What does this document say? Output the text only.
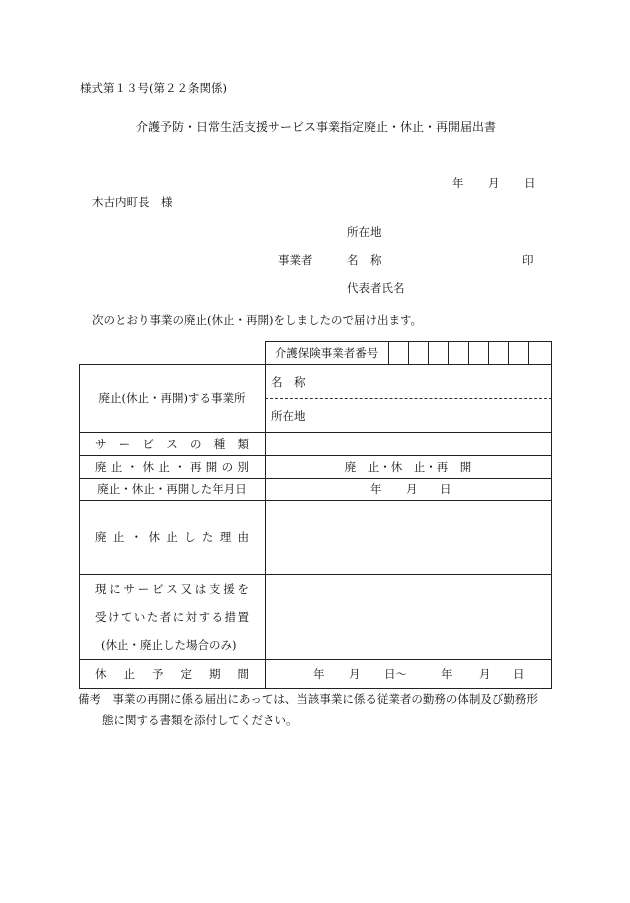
様式第１３号(第２２条関係)
介護予防・日常生活支援サービス事業指定廃止・休止・再開届出書
年 月 日
木古内町長　様
所在地
事業者	名　称	印
代表者氏名
次のとおり事業の廃止(休止・再開)をしましたので届け出ます。
介護保険事業者番号
廃止(休止・再開)する事業所
名　称
所在地
サ ー ビ ス の 種 類
廃 止 ・ 休 止 ・ 再 開 の 別	廃　止・休　止・再　開
廃止・休止・再開した年月日	年 月 日
廃 止 ・ 休 止 し た 理 由
現 に サ ー ビ ス 又 は 支 援 を
受 け て い た 者 に 対 す る 措 置
(休止・廃止した場合のみ)
休 止 予 定 期 間	年 月 日～	年 月 日
備考　事業の再開に係る届出にあっては、当該事業に係る従業者の勤務の体制及び勤務形
態に関する書類を添付してください。
